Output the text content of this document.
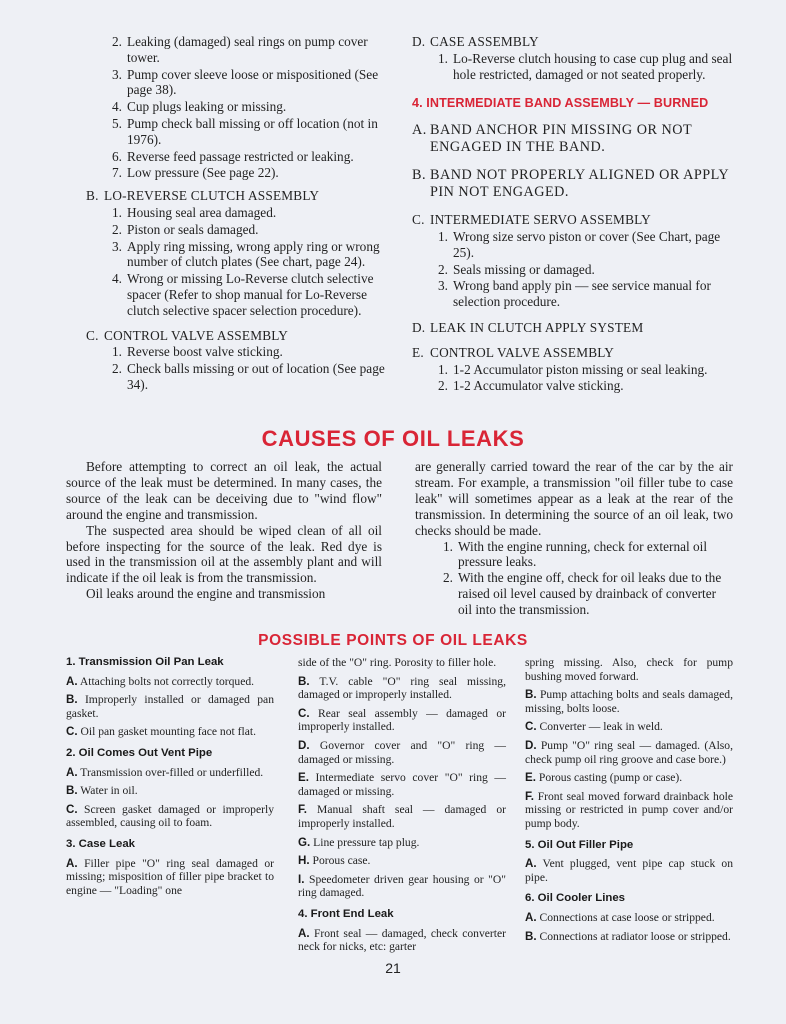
2. Leaking (damaged) seal rings on pump cover tower.
3. Pump cover sleeve loose or mispositioned (See page 38).
4. Cup plugs leaking or missing.
5. Pump check ball missing or off location (not in 1976).
6. Reverse feed passage restricted or leaking.
7. Low pressure (See page 22).
B. LO-REVERSE CLUTCH ASSEMBLY
1. Housing seal area damaged.
2. Piston or seals damaged.
3. Apply ring missing, wrong apply ring or wrong number of clutch plates (See chart, page 24).
4. Wrong or missing Lo-Reverse clutch selective spacer (Refer to shop manual for Lo-Reverse clutch selective spacer selection procedure).
C. CONTROL VALVE ASSEMBLY
1. Reverse boost valve sticking.
2. Check balls missing or out of location (See page 34).
D. CASE ASSEMBLY
1. Lo-Reverse clutch housing to case cup plug and seal hole restricted, damaged or not seated properly.
4. INTERMEDIATE BAND ASSEMBLY — BURNED
A. BAND ANCHOR PIN MISSING OR NOT ENGAGED IN THE BAND.
B. BAND NOT PROPERLY ALIGNED OR APPLY PIN NOT ENGAGED.
C. INTERMEDIATE SERVO ASSEMBLY
1. Wrong size servo piston or cover (See Chart, page 25).
2. Seals missing or damaged.
3. Wrong band apply pin — see service manual for selection procedure.
D. LEAK IN CLUTCH APPLY SYSTEM
E. CONTROL VALVE ASSEMBLY
1. 1-2 Accumulator piston missing or seal leaking.
2. 1-2 Accumulator valve sticking.
CAUSES OF OIL LEAKS

Before attempting to correct an oil leak, the actual source of the leak must be determined. In many cases, the source of the leak can be deceiving due to "wind flow" around the engine and transmission.

The suspected area should be wiped clean of all oil before inspecting for the source of the leak. Red dye is used in the transmission oil at the assembly plant and will indicate if the oil leak is from the transmission.

Oil leaks around the engine and transmission

are generally carried toward the rear of the car by the air stream. For example, a transmission "oil filler tube to case leak" will sometimes appear as a leak at the rear of the transmission. In determining the source of an oil leak, two checks should be made.

1. With the engine running, check for external oil pressure leaks.
2. With the engine off, check for oil leaks due to the raised oil level caused by drainback of converter oil into the transmission.
POSSIBLE POINTS OF OIL LEAKS
1. Transmission Oil Pan Leak

A. Attaching bolts not correctly torqued.

B. Improperly installed or damaged pan gasket.

C. Oil pan gasket mounting face not flat.

2. Oil Comes Out Vent Pipe

A. Transmission over-filled or underfilled.

B. Water in oil.

C. Screen gasket damaged or improperly assembled, causing oil to foam.

3. Case Leak

A. Filler pipe "O" ring seal damaged or missing; misposition of filler pipe bracket to engine — "Loading" one

side of the "O" ring. Porosity to filler hole.

B. T.V. cable "O" ring seal missing, damaged or improperly installed.

C. Rear seal assembly — damaged or improperly installed.

D. Governor cover and "O" ring — damaged or missing.

E. Intermediate servo cover "O" ring — damaged or missing.

F. Manual shaft seal — damaged or improperly installed.

G. Line pressure tap plug.

H. Porous case.

I. Speedometer driven gear housing or "O" ring damaged.

4. Front End Leak

A. Front seal — damaged, check converter neck for nicks, etc: garter

spring missing. Also, check for pump bushing moved forward.

B. Pump attaching bolts and seals damaged, missing, bolts loose.

C. Converter — leak in weld.

D. Pump "O" ring seal — damaged. (Also, check pump oil ring groove and case bore.)

E. Porous casting (pump or case).

F. Front seal moved forward drainback hole missing or restricted in pump cover and/or pump body.

5. Oil Out Filler Pipe

A. Vent plugged, vent pipe cap stuck on pipe.

6. Oil Cooler Lines

A. Connections at case loose or stripped.

B. Connections at radiator loose or stripped.

21
